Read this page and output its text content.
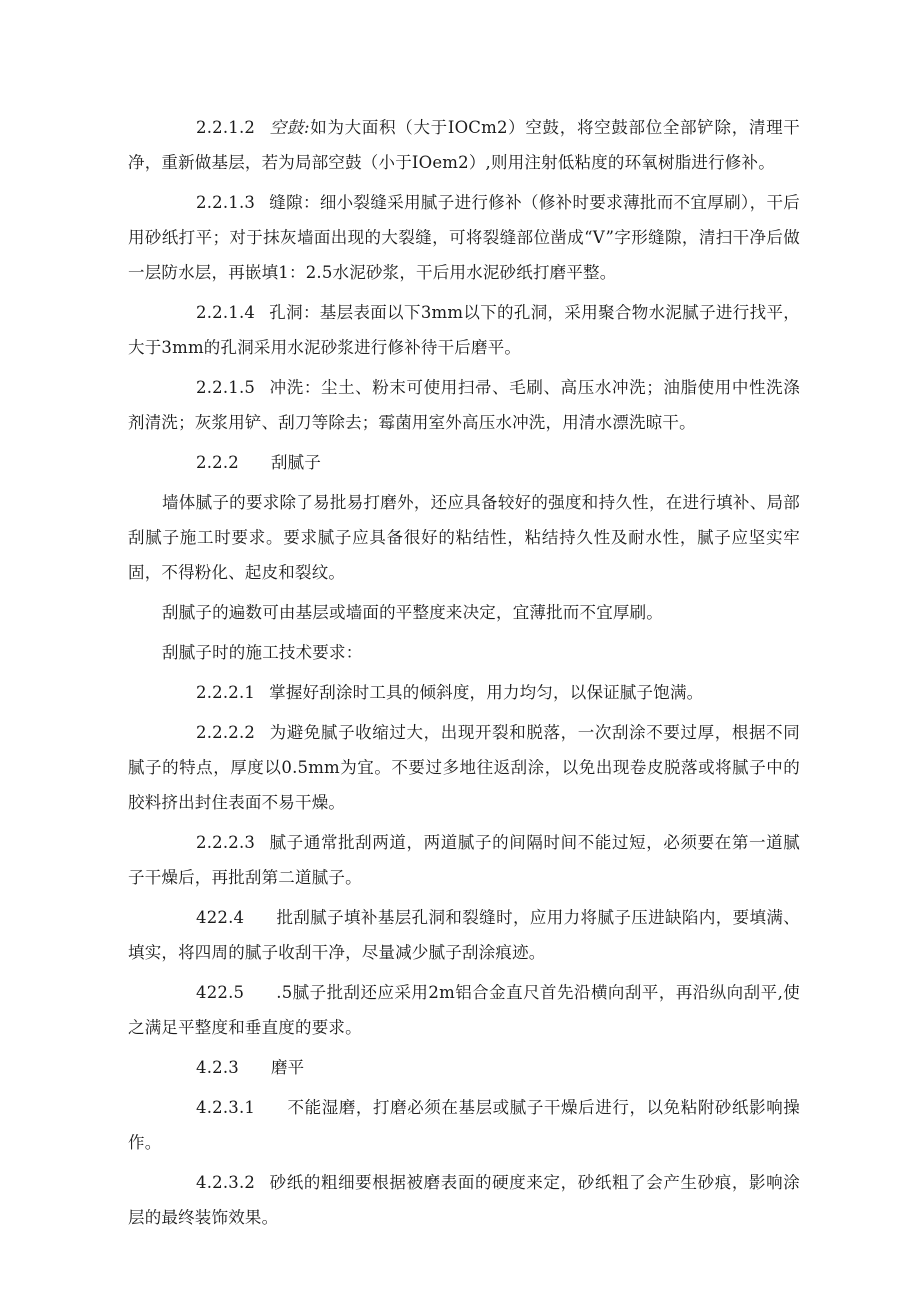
2.2.1.2 空鼓:如为大面积（大于IOCm2）空鼓，将空鼓部位全部铲除，清理干净，重新做基层，若为局部空鼓（小于IOem2）,则用注射低粘度的环氧树脂进行修补。

2.2.1.3 缝隙：细小裂缝采用腻子进行修补（修补时要求薄批而不宜厚刷），干后用砂纸打平；对于抹灰墙面出现的大裂缝，可将裂缝部位凿成“V”字形缝隙，清扫干净后做一层防水层，再嵌填1：2.5水泥砂浆，干后用水泥砂纸打磨平整。

2.2.1.4 孔洞：基层表面以下3mm以下的孔洞，采用聚合物水泥腻子进行找平，大于3mm的孔洞采用水泥砂浆进行修补待干后磨平。

2.2.1.5 冲洗：尘土、粉末可使用扫帚、毛刷、高压水冲洗；油脂使用中性洗涤剂清洗；灰浆用铲、刮刀等除去；霉菌用室外高压水冲洗，用清水漂洗晾干。

2.2.2 刮腻子

墙体腻子的要求除了易批易打磨外，还应具备较好的强度和持久性，在进行填补、局部刮腻子施工时要求。要求腻子应具备很好的粘结性，粘结持久性及耐水性，腻子应坚实牢固，不得粉化、起皮和裂纹。

刮腻子的遍数可由基层或墙面的平整度来决定，宜薄批而不宜厚刷。

刮腻子时的施工技术要求：

2.2.2.1 掌握好刮涂时工具的倾斜度，用力均匀，以保证腻子饱满。

2.2.2.2 为避免腻子收缩过大，出现开裂和脱落，一次刮涂不要过厚，根据不同腻子的特点，厚度以0.5mm为宜。不要过多地往返刮涂，以免出现卷皮脱落或将腻子中的胶料挤出封住表面不易干燥。

2.2.2.3 腻子通常批刮两道，两道腻子的间隔时间不能过短，必须要在第一道腻子干燥后，再批刮第二道腻子。

422.4 批刮腻子填补基层孔洞和裂缝时，应用力将腻子压进缺陷内，要填满、填实，将四周的腻子收刮干净，尽量减少腻子刮涂痕迹。

422.5 .5腻子批刮还应采用2m铝合金直尺首先沿横向刮平，再沿纵向刮平,使之满足平整度和垂直度的要求。

4.2.3 磨平

4.2.3.1 不能湿磨，打磨必须在基层或腻子干燥后进行，以免粘附砂纸影响操作。

4.2.3.2 砂纸的粗细要根据被磨表面的硬度来定，砂纸粗了会产生砂痕，影响涂层的最终装饰效果。
